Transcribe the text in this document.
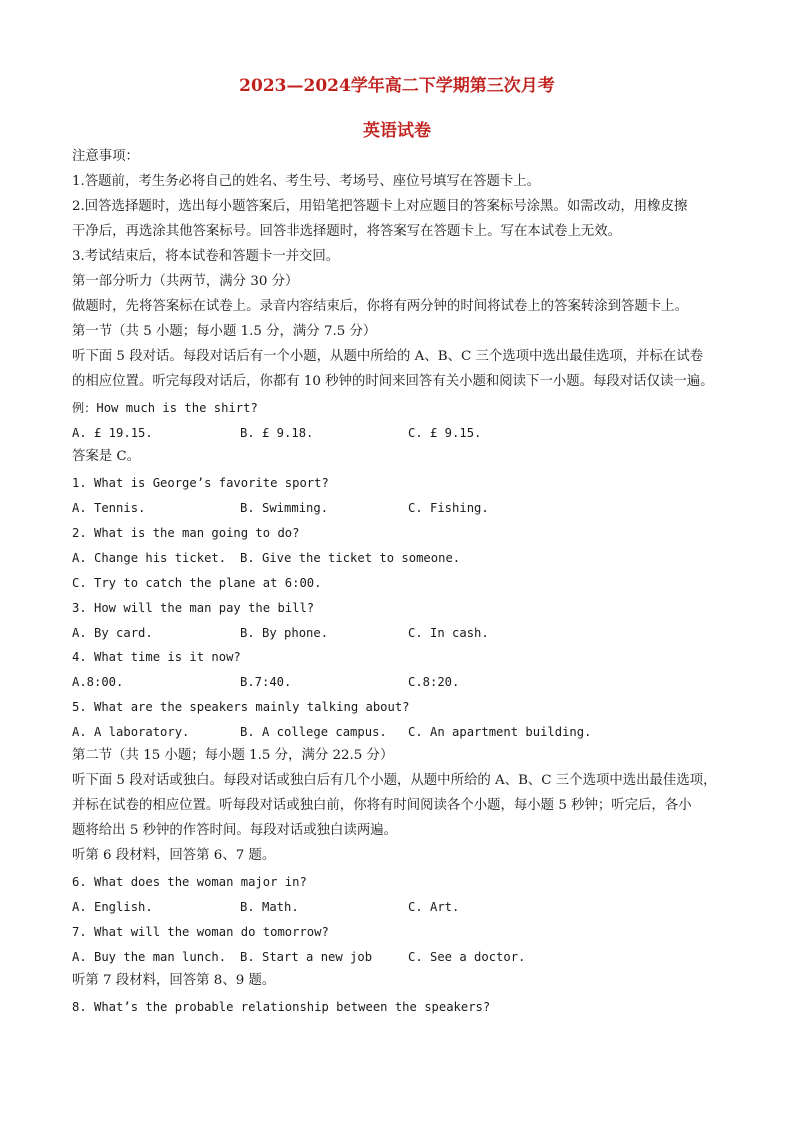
2023—2024学年高二下学期第三次月考
英语试卷
注意事项：
1.答题前，考生务必将自己的姓名、考生号、考场号、座位号填写在答题卡上。
2.回答选择题时，选出每小题答案后，用铅笔把答题卡上对应题目的答案标号涂黑。如需改动，用橡皮擦
干净后，再选涂其他答案标号。回答非选择题时，将答案写在答题卡上。写在本试卷上无效。
3.考试结束后，将本试卷和答题卡一并交回。
第一部分听力（共两节，满分 30 分）
做题时，先将答案标在试卷上。录音内容结束后，你将有两分钟的时间将试卷上的答案转涂到答题卡上。
第一节（共 5 小题；每小题 1.5 分，满分 7.5 分）
听下面 5 段对话。每段对话后有一个小题，从题中所给的 A、B、C 三个选项中选出最佳选项，并标在试卷
的相应位置。听完每段对话后，你都有 10 秒钟的时间来回答有关小题和阅读下一小题。每段对话仅读一遍。
例：How much is the shirt?
A. £ 19.15.	B. £ 9.18.	C. £ 9.15.
答案是 C。
1. What is George’s favorite sport?
A. Tennis.	B. Swimming.	C. Fishing.
2. What is the man going to do?
A. Change his ticket. B. Give the ticket to someone.
C. Try to catch the plane at 6:00.
3. How will the man pay the bill?
A. By card.	B. By phone.	C. In cash.
4. What time is it now?
A.8:00.	B.7:40.	C.8:20.
5. What are the speakers mainly talking about?
A. A laboratory.	B. A college campus. C. An apartment building.
第二节（共 15 小题；每小题 1.5 分，满分 22.5 分）
听下面 5 段对话或独白。每段对话或独白后有几个小题，从题中所给的 A、B、C 三个选项中选出最佳选项，
并标在试卷的相应位置。听每段对话或独白前，你将有时间阅读各个小题，每小题 5 秒钟；听完后，各小
题将给出 5 秒钟的作答时间。每段对话或独白读两遍。
听第 6 段材料，回答第 6、7 题。
6. What does the woman major in?
A. English.	B. Math.	C. Art.
7. What will the woman do tomorrow?
A. Buy the man lunch. B. Start a new job	C. See a doctor.
听第 7 段材料，回答第 8、9 题。
8. What’s the probable relationship between the speakers?
